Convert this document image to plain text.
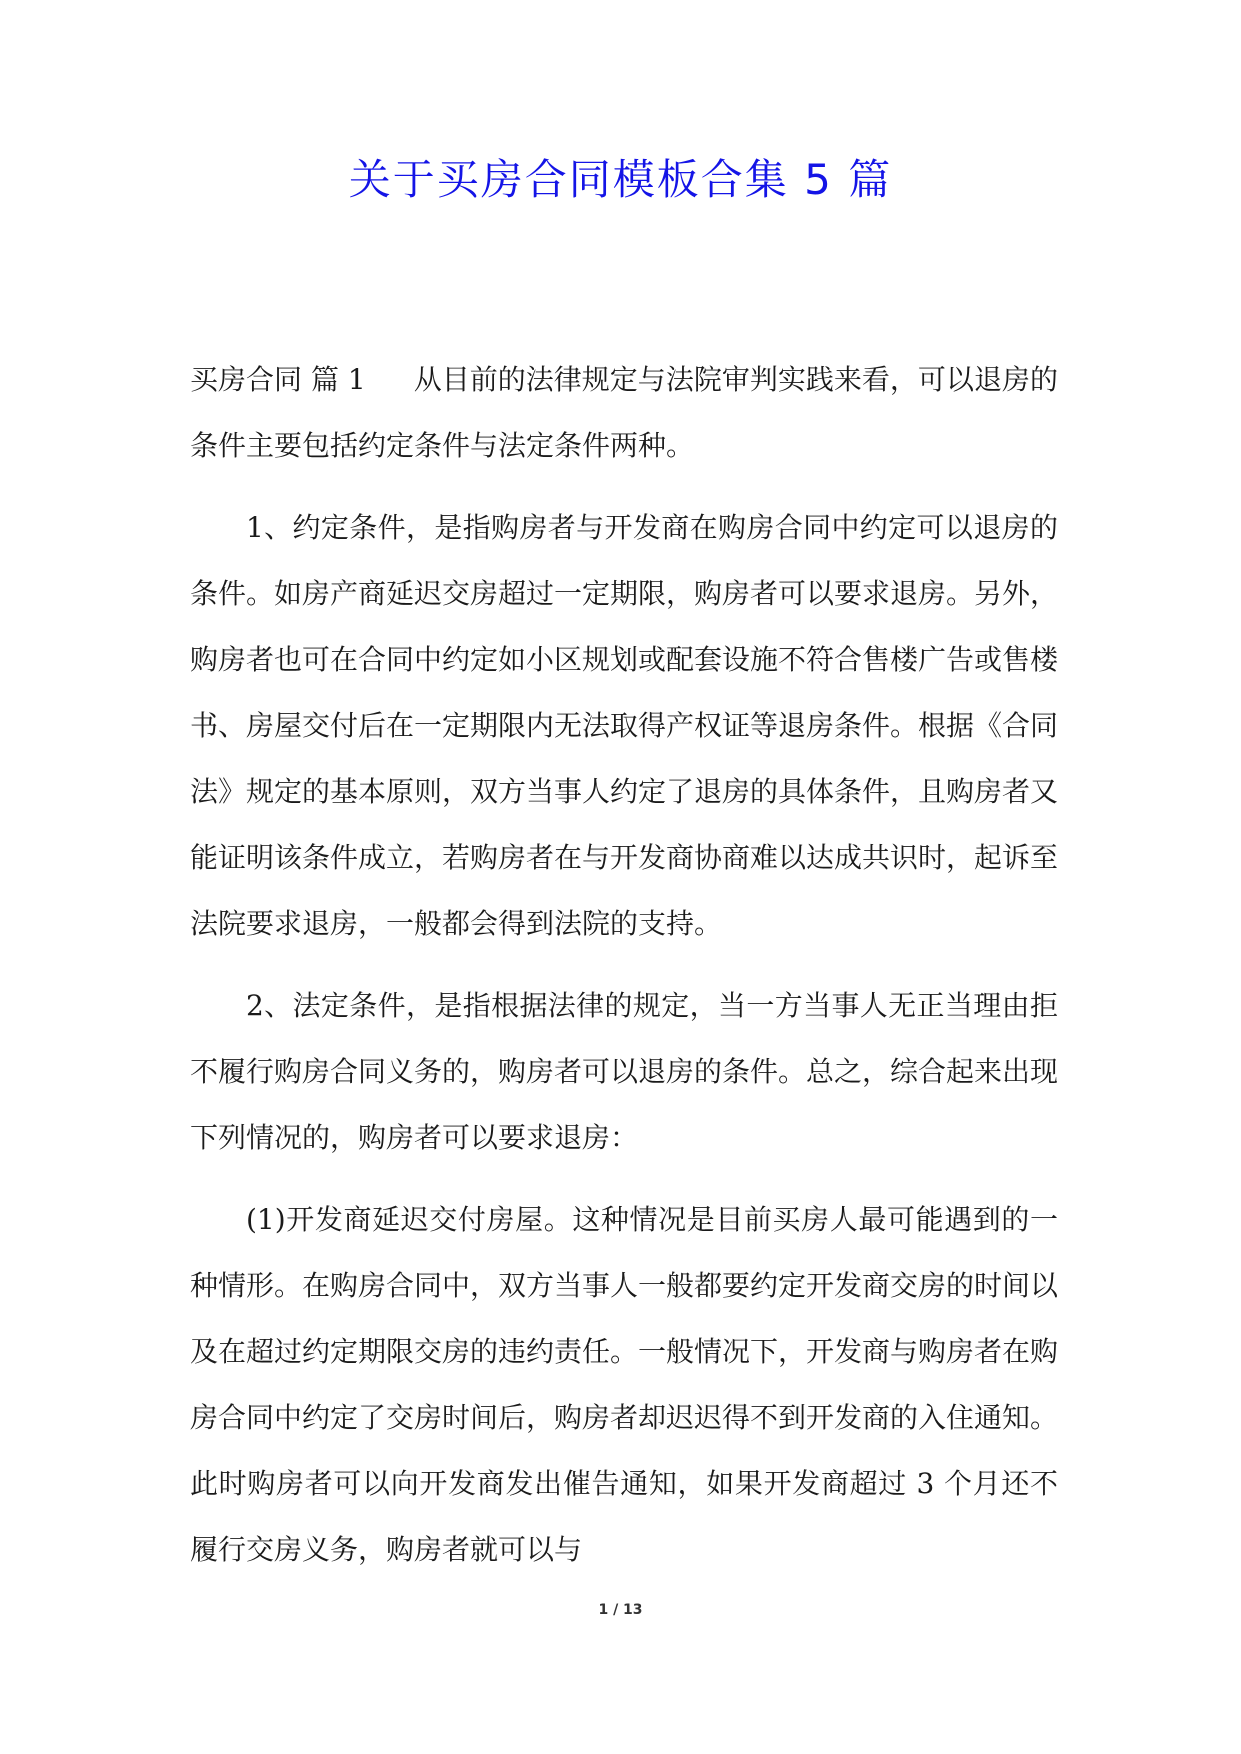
关于买房合同模板合集 5 篇

买房合同 篇 1 从目前的法律规定与法院审判实践来看，可以退房的条件主要包括约定条件与法定条件两种。

1、约定条件，是指购房者与开发商在购房合同中约定可以退房的条件。如房产商延迟交房超过一定期限，购房者可以要求退房。另外，购房者也可在合同中约定如小区规划或配套设施不符合售楼广告或售楼书、房屋交付后在一定期限内无法取得产权证等退房条件。根据《合同法》规定的基本原则，双方当事人约定了退房的具体条件，且购房者又能证明该条件成立，若购房者在与开发商协商难以达成共识时，起诉至法院要求退房，一般都会得到法院的支持。

2、法定条件，是指根据法律的规定，当一方当事人无正当理由拒不履行购房合同义务的，购房者可以退房的条件。总之，综合起来出现下列情况的，购房者可以要求退房：

(1)开发商延迟交付房屋。这种情况是目前买房人最可能遇到的一种情形。在购房合同中，双方当事人一般都要约定开发商交房的时间以及在超过约定期限交房的违约责任。一般情况下，开发商与购房者在购房合同中约定了交房时间后，购房者却迟迟得不到开发商的入住通知。此时购房者可以向开发商发出催告通知，如果开发商超过 3 个月还不履行交房义务，购房者就可以与

1 / 13
